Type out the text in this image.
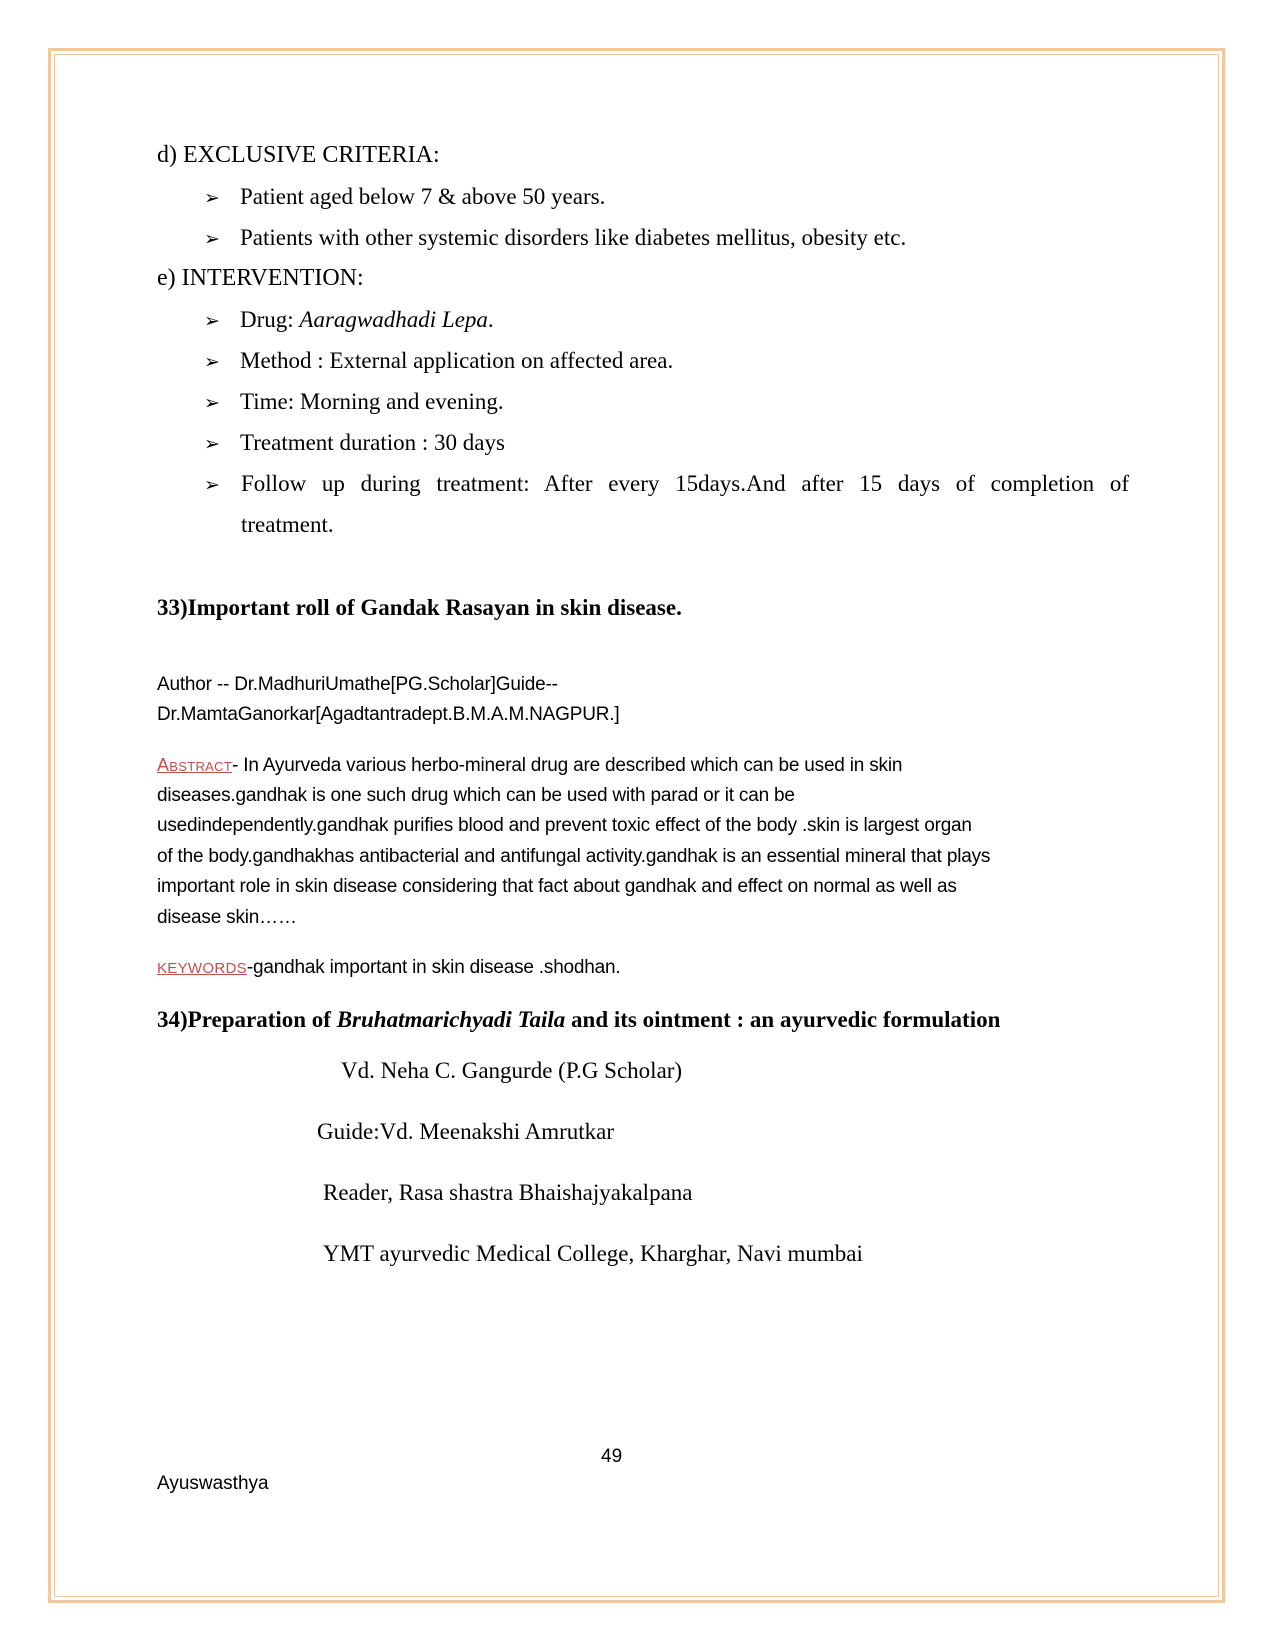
d) EXCLUSIVE CRITERIA:
➢ Patient aged below 7 & above 50 years.
➢ Patients with other systemic disorders like diabetes mellitus, obesity etc.
e) INTERVENTION:
➢ Drug: Aaragwadhadi Lepa.
➢ Method : External application on affected area.
➢ Time: Morning and evening.
➢ Treatment duration : 30 days
➢ Follow up during treatment: After every 15days.And after 15 days of completion of
treatment.
33)Important roll of Gandak Rasayan in skin disease.
Author -- Dr.MadhuriUmathe[PG.Scholar]Guide--
Dr.MamtaGanorkar[Agadtantradept.B.M.A.M.NAGPUR.]
Abstract- In Ayurveda various herbo-mineral drug are described which can be used in skin
diseases.gandhak is one such drug which can be used with parad or it can be
usedindependently.gandhak purifies blood and prevent toxic effect of the body .skin is largest organ
of the body.gandhakhas antibacterial and antifungal activity.gandhak is an essential mineral that plays
important role in skin disease considering that fact about gandhak and effect on normal as well as
disease skin……
KEYWORDS-gandhak important in skin disease .shodhan.
34)Preparation of Bruhatmarichyadi Taila and its ointment : an ayurvedic formulation
Vd. Neha C. Gangurde (P.G Scholar)
Guide:Vd. Meenakshi Amrutkar
Reader, Rasa shastra Bhaishajyakalpana
YMT ayurvedic Medical College, Kharghar, Navi mumbai
49
Ayuswasthya
